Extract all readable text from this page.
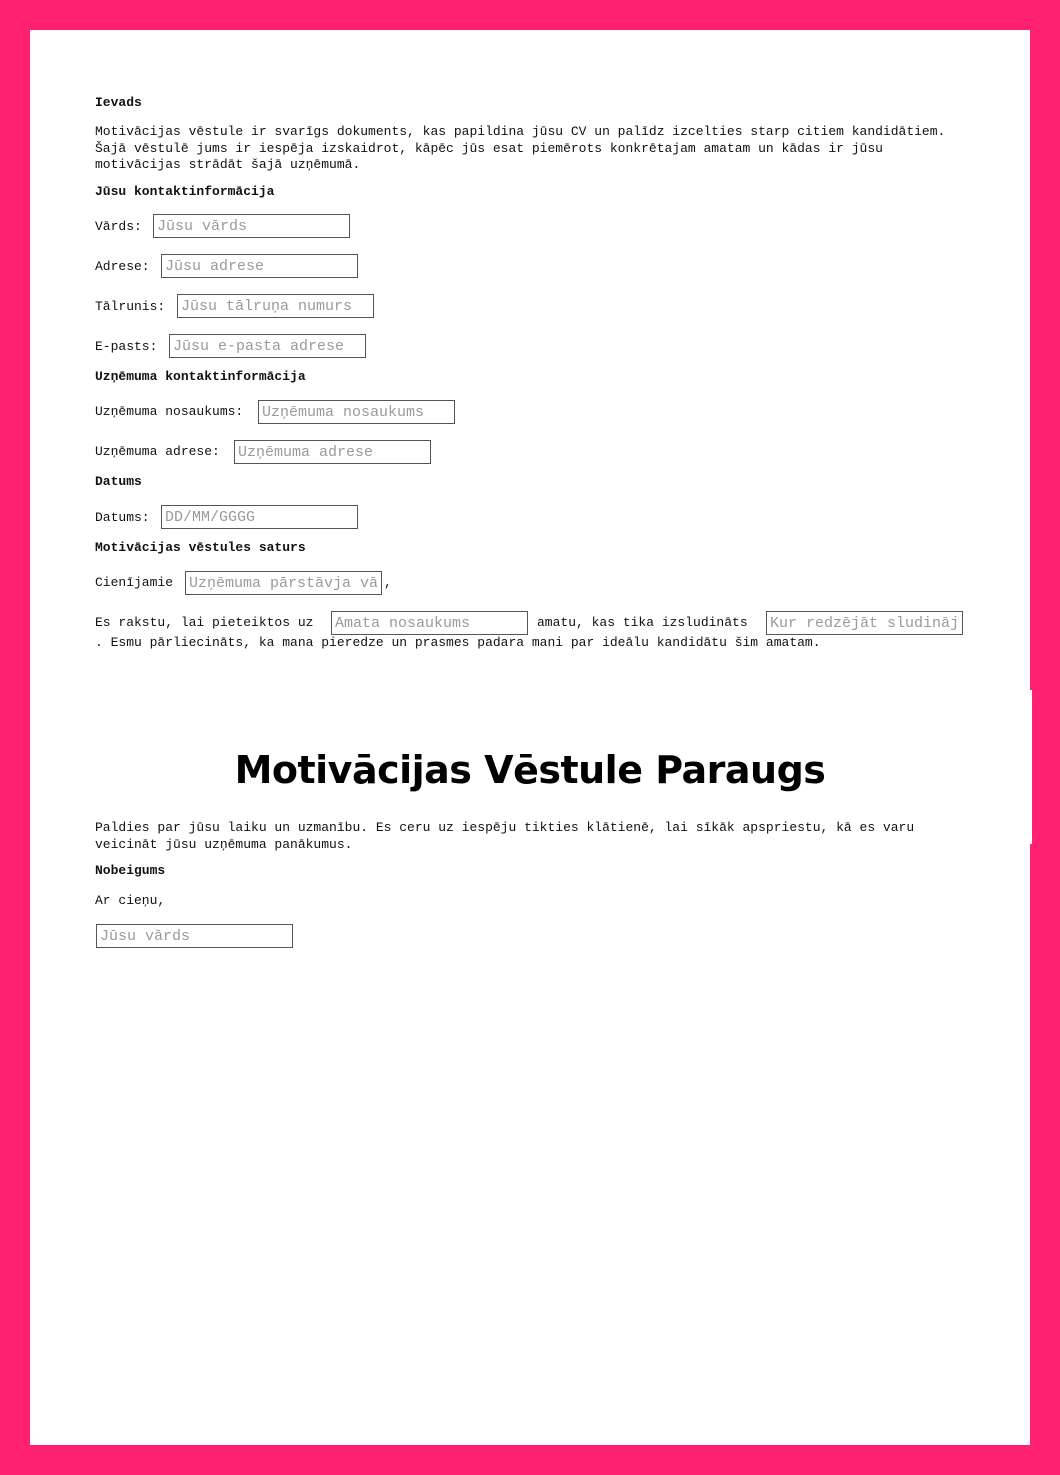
Ievads

Motivācijas vēstule ir svarīgs dokuments, kas papildina jūsu CV un palīdz izcelties starp citiem kandidātiem. Šajā vēstulē jums ir iespēja izskaidrot, kāpēc jūs esat piemērots konkrētajam amatam un kādas ir jūsu motivācijas strādāt šajā uzņēmumā.

Jūsu kontaktinformācija

Vārds:
Jūsu vārds
Adrese:
Jūsu adrese
Tālrunis:
Jūsu tālruņa numurs
E-pasts:
Jūsu e-pasta adrese

Uzņēmuma kontaktinformācija

Uzņēmuma nosaukums:
Uzņēmuma nosaukums
Uzņēmuma adrese:
Uzņēmuma adrese

Datums

Datums:
DD/MM/GGGG

Motivācijas vēstules saturs

Cienījamie
Uzņēmuma pārstāvja vārds	,
Es rakstu, lai pieteiktos uz
Amata nosaukums	amatu, kas tika izsludināts
Kur redzējāt sludinājumu

. Esmu pārliecināts, ka mana pieredze un prasmes padara mani par ideālu kandidātu šim amatam.

Motivācijas Vēstule Paraugs

Paldies par jūsu laiku un uzmanību. Es ceru uz iespēju tikties klātienē, lai sīkāk apspriestu, kā es varu veicināt jūsu uzņēmuma panākumus.

Nobeigums

Ar cieņu,
Jūsu vārds
